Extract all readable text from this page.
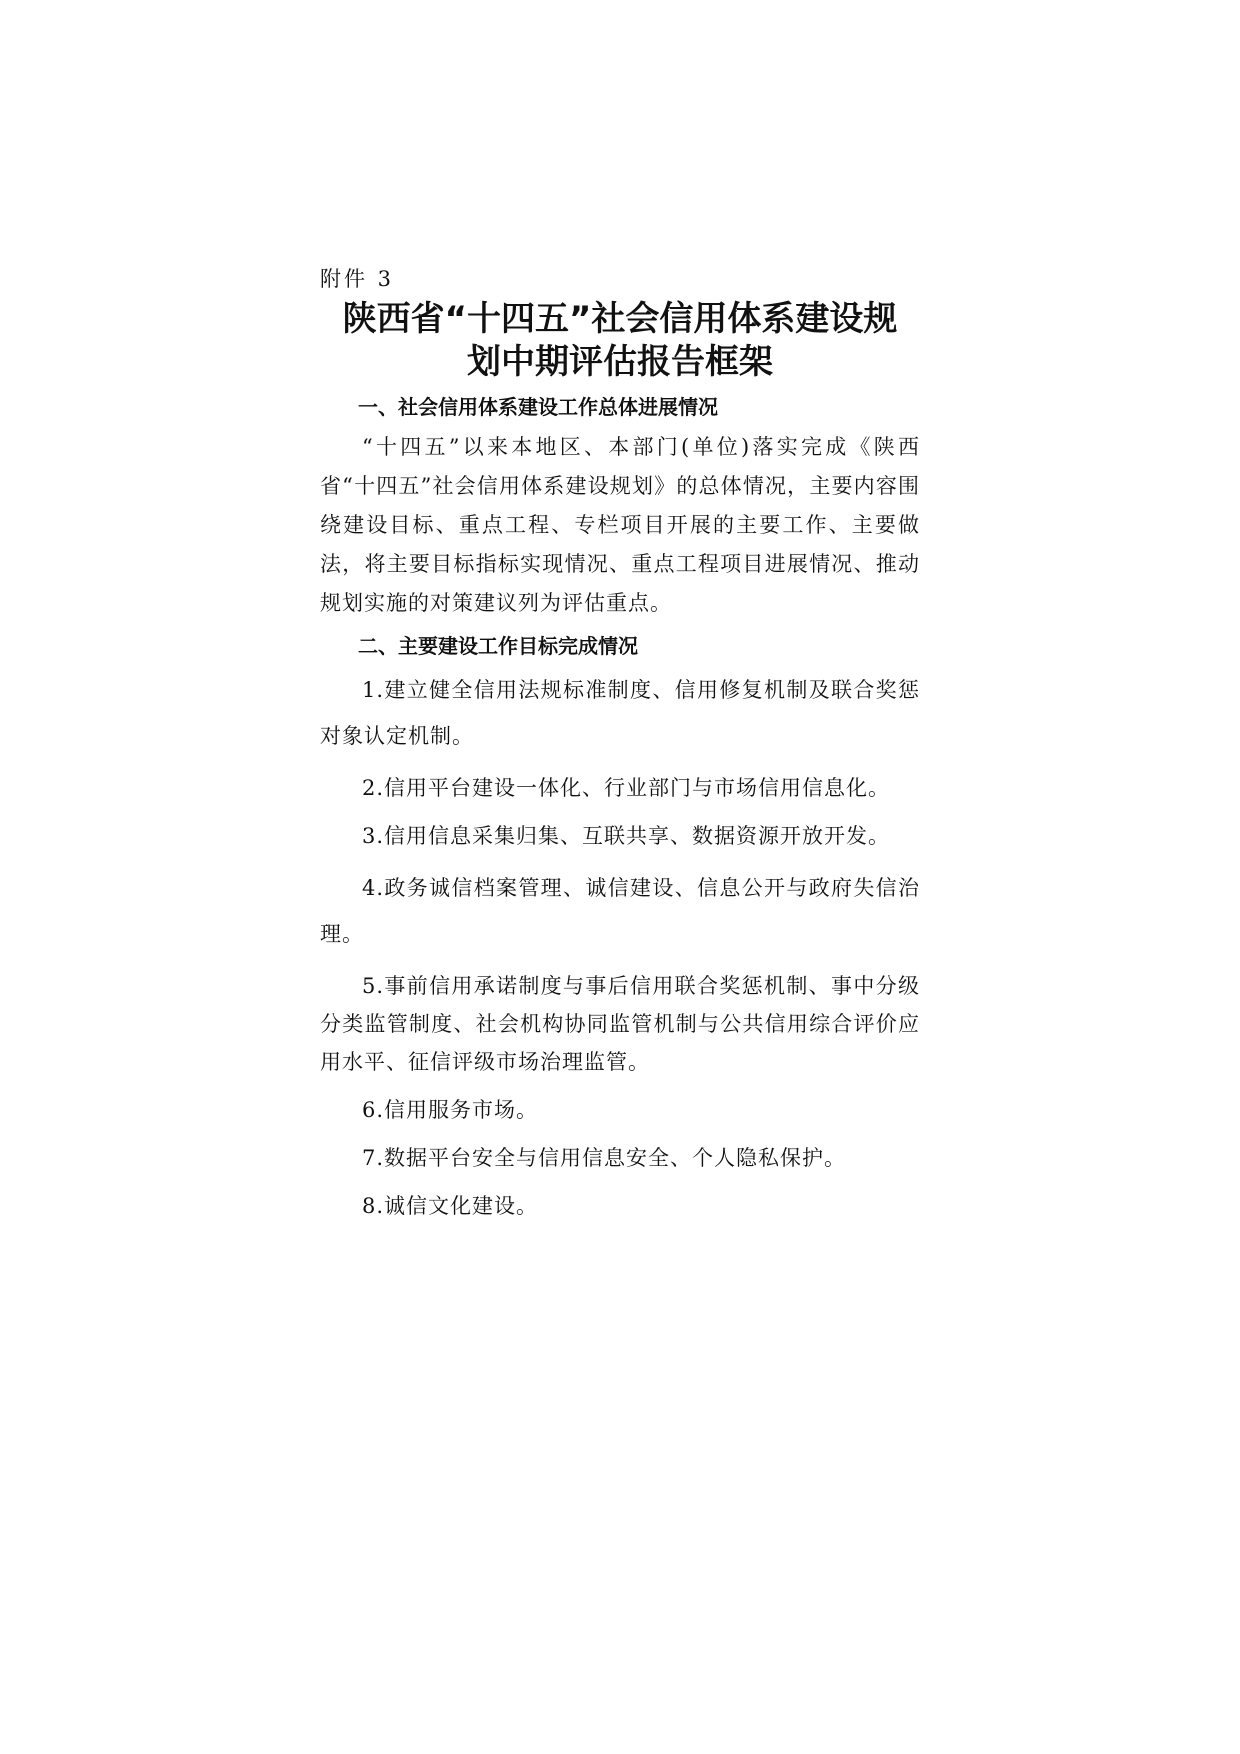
附件 3
陕西省“十四五”社会信用体系建设规
划中期评估报告框架
一、社会信用体系建设工作总体进展情况

“十四五”以来本地区、本部门(单位)落实完成《陕西省“十四五”社会信用体系建设规划》的总体情况，主要内容围绕建设目标、重点工程、专栏项目开展的主要工作、主要做法，将主要目标指标实现情况、重点工程项目进展情况、推动规划实施的对策建议列为评估重点。

二、主要建设工作目标完成情况

1.建立健全信用法规标准制度、信用修复机制及联合奖惩对象认定机制。

2.信用平台建设一体化、行业部门与市场信用信息化。

3.信用信息采集归集、互联共享、数据资源开放开发。

4.政务诚信档案管理、诚信建设、信息公开与政府失信治理。

5.事前信用承诺制度与事后信用联合奖惩机制、事中分级分类监管制度、社会机构协同监管机制与公共信用综合评价应用水平、征信评级市场治理监管。

6.信用服务市场。

7.数据平台安全与信用信息安全、个人隐私保护。

8.诚信文化建设。
